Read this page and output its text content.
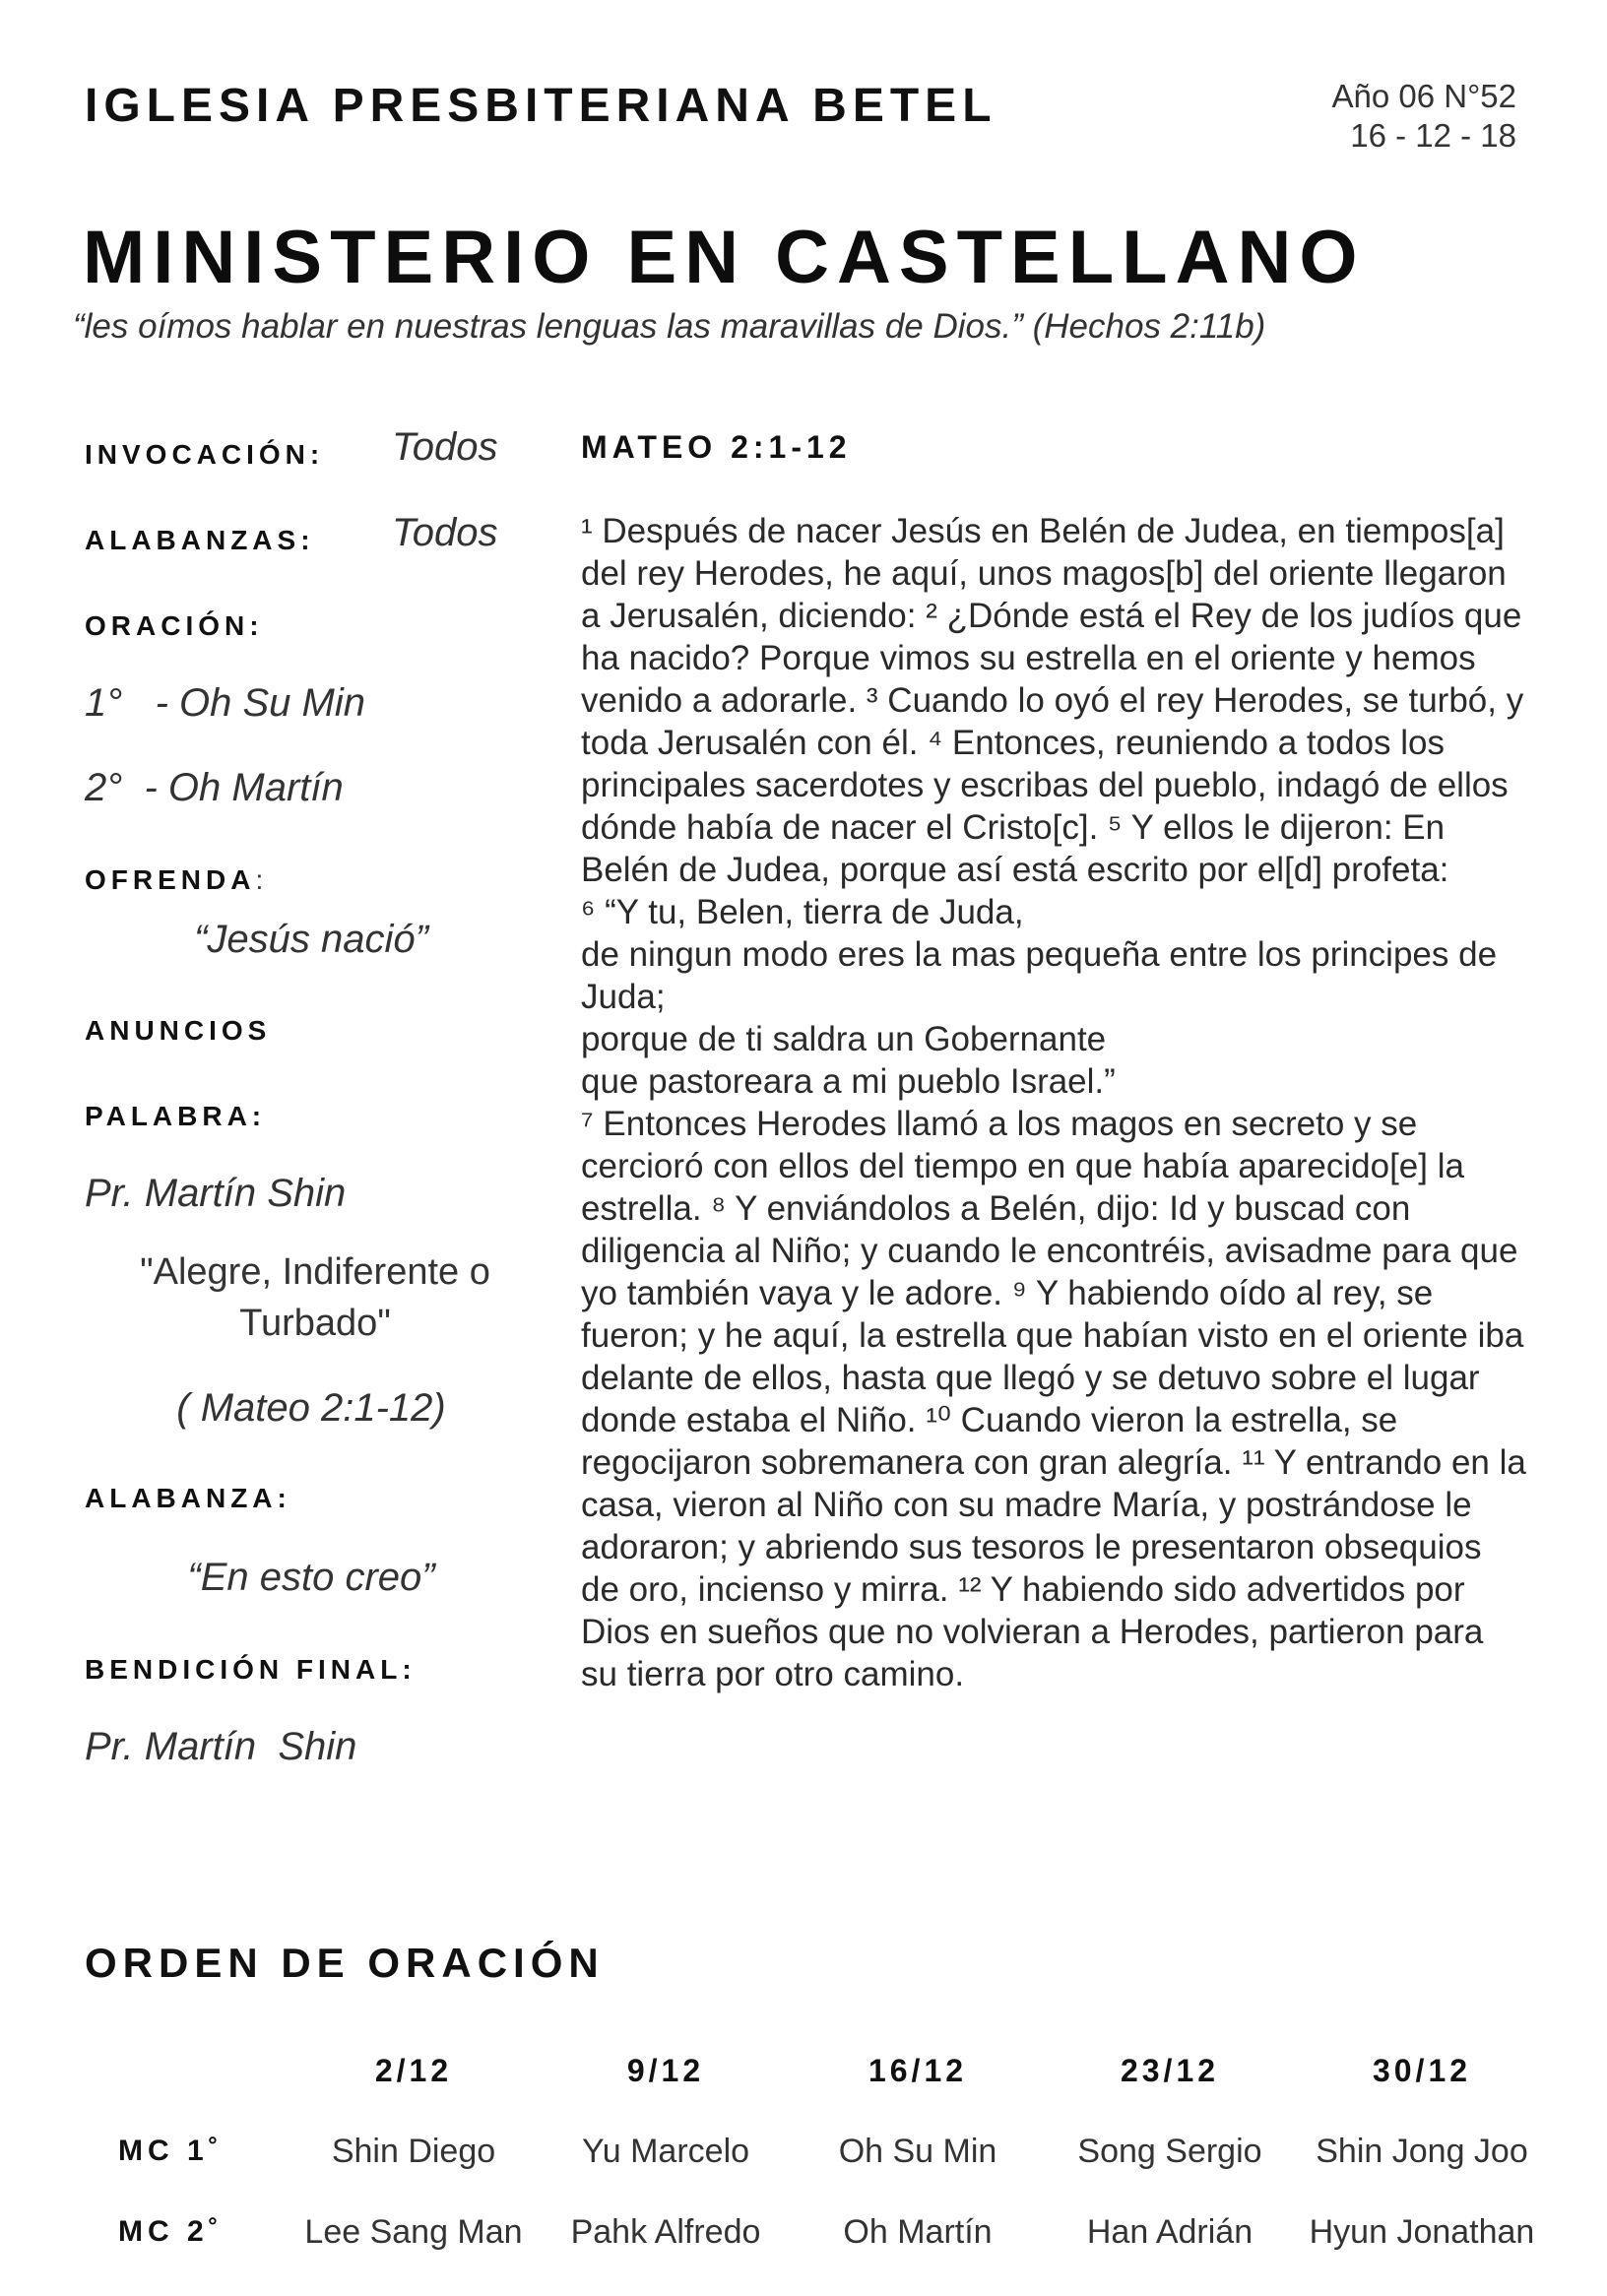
IGLESIA PRESBITERIANA BETEL	Año 06 N°52
16 - 12 - 18
MINISTERIO EN CASTELLANO
“les oímos hablar en nuestras lenguas las maravillas de Dios.” (Hechos 2:11b)
INVOCACIÓN: Todos
ALABANZAS: Todos
ORACIÓN:
1°   - Oh Su Min
2°  - Oh Martín
OFRENDA:
“Jesús nació”
ANUNCIOS
PALABRA:
Pr. Martín Shin
"Alegre, Indiferente o Turbado"
( Mateo 2:1-12)
ALABANZA:
“En esto creo”
BENDICIÓN FINAL:
Pr. Martín  Shin
MATEO 2:1-12

¹ Después de nacer Jesús en Belén de Judea, en tiempos[a] del rey Herodes, he aquí, unos magos[b] del oriente llegaron a Jerusalén, diciendo: ² ¿Dónde está el Rey de los judíos que ha nacido? Porque vimos su estrella en el oriente y hemos venido a adorarle. ³ Cuando lo oyó el rey Herodes, se turbó, y toda Jerusalén con él. ⁴ Entonces, reuniendo a todos los principales sacerdotes y escribas del pueblo, indagó de ellos dónde había de nacer el Cristo[c]. ⁵ Y ellos le dijeron: En Belén de Judea, porque así está escrito por el[d] profeta:

⁶ “Y tu, Belen, tierra de Juda,

de ningun modo eres la mas pequeña entre los principes de Juda;

porque de ti saldra un Gobernante

que pastoreara a mi pueblo Israel.”

⁷ Entonces Herodes llamó a los magos en secreto y se cercioró con ellos del tiempo en que había aparecido[e] la estrella. ⁸ Y enviándolos a Belén, dijo: Id y buscad con diligencia al Niño; y cuando le encontréis, avisadme para que yo también vaya y le adore. ⁹ Y habiendo oído al rey, se fueron; y he aquí, la estrella que habían visto en el oriente iba delante de ellos, hasta que llegó y se detuvo sobre el lugar donde estaba el Niño. ¹⁰ Cuando vieron la estrella, se regocijaron sobremanera con gran alegría. ¹¹ Y entrando en la casa, vieron al Niño con su madre María, y postrándose le adoraron; y abriendo sus tesoros le presentaron obsequios de oro, incienso y mirra. ¹² Y habiendo sido advertidos por Dios en sueños que no volvieran a Herodes, partieron para su tierra por otro camino.

ORDEN DE ORACIÓN
	2/12	9/12	16/12	23/12	30/12
MC 1˚	Shin Diego	Yu Marcelo	Oh Su Min	Song Sergio	Shin Jong Joo
MC 2˚	Lee Sang Man	Pahk Alfredo	Oh Martín	Han Adrián	Hyun Jonathan
